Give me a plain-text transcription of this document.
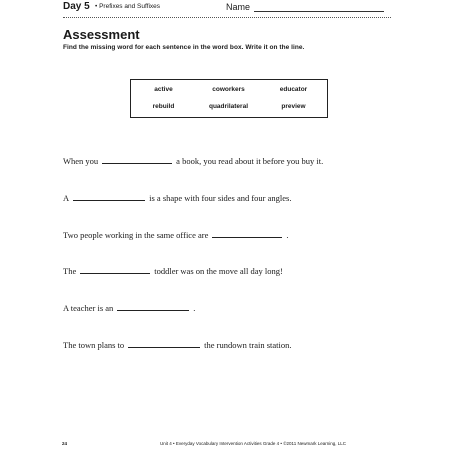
Day 5 • Prefixes and Suffixes	Name
Assessment
Find the missing word for each sentence in the word box. Write it on the line.
active	coworkers	educator
rebuild	quadrilateral	preview
When you	a book, you read about it before you buy it.
A	is a shape with four sides and four angles.
Two people working in the same office are	.
The	toddler was on the move all day long!
A teacher is an	.
The town plans to	the rundown train station.
24	Unit 4 • Everyday Vocabulary Intervention Activities Grade 4 • ©2011 Newmark Learning, LLC
